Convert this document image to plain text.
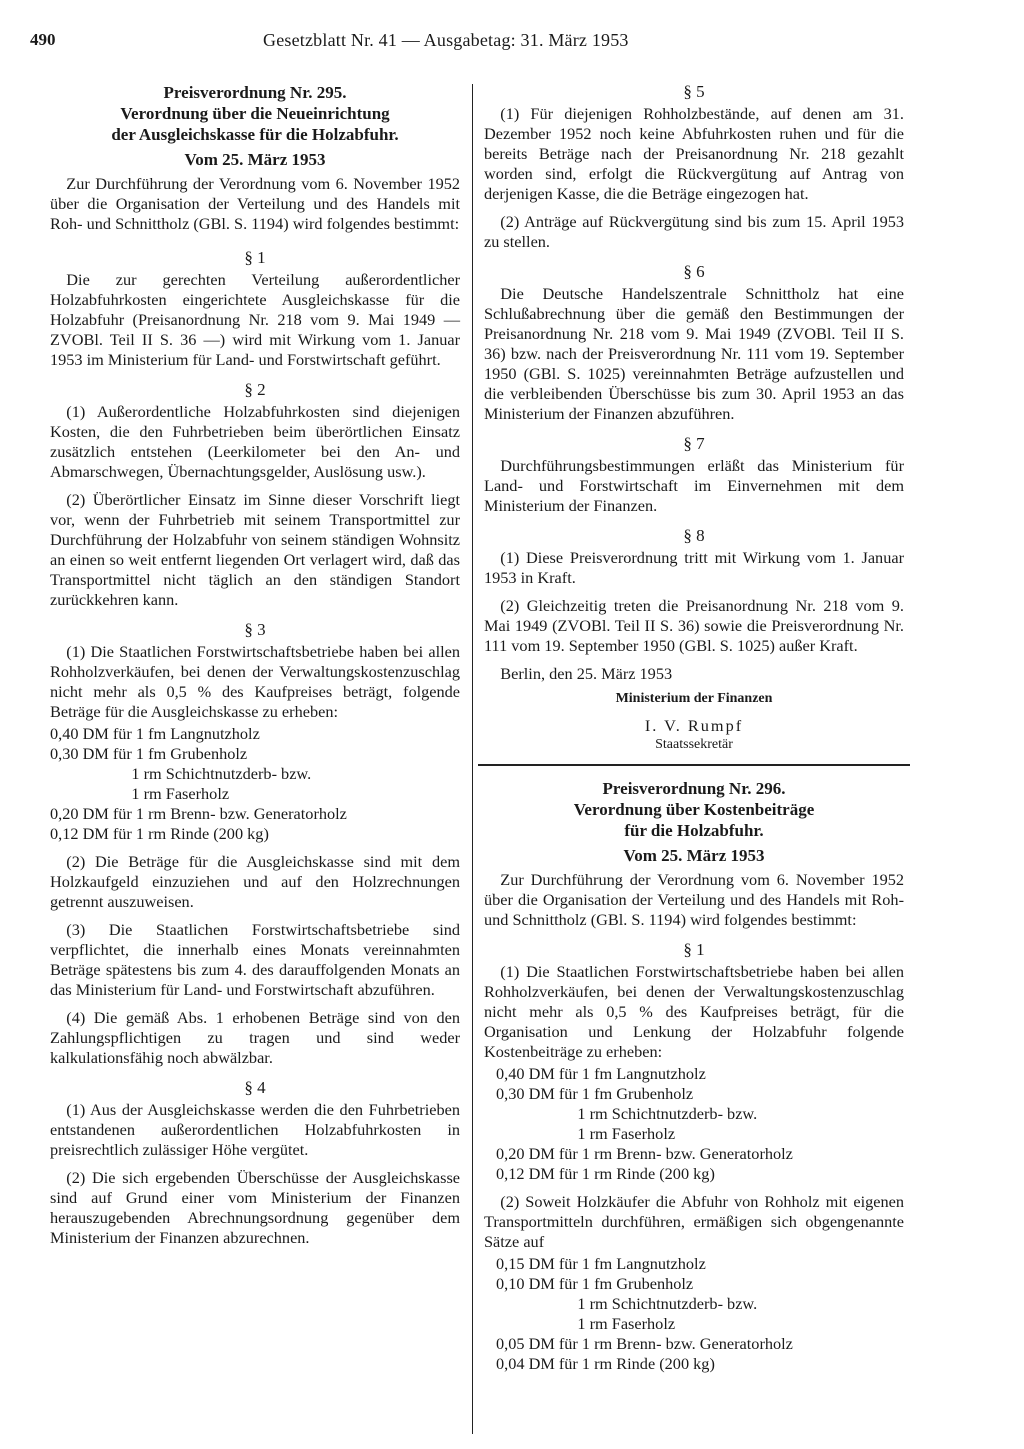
490	Gesetzblatt Nr. 41 — Ausgabetag: 31. März 1953

Preisverordnung Nr. 295.

Verordnung über die Neueinrichtung

der Ausgleichskasse für die Holzabfuhr.

Vom 25. März 1953

Zur Durchführung der Verordnung vom 6. November 1952 über die Organisation der Verteilung und des Handels mit Roh- und Schnittholz (GBl. S. 1194) wird folgendes bestimmt:

§ 1

Die zur gerechten Verteilung außerordentlicher Holzabfuhrkosten eingerichtete Ausgleichskasse für die Holzabfuhr (Preisanordnung Nr. 218 vom 9. Mai 1949 — ZVOBl. Teil II S. 36 —) wird mit Wirkung vom 1. Januar 1953 im Ministerium für Land- und Forstwirtschaft geführt.

§ 2

(1) Außerordentliche Holzabfuhrkosten sind diejenigen Kosten, die den Fuhrbetrieben beim überörtlichen Einsatz zusätzlich entstehen (Leerkilometer bei den An- und Abmarschwegen, Übernachtungsgelder, Auslösung usw.).

(2) Überörtlicher Einsatz im Sinne dieser Vorschrift liegt vor, wenn der Fuhrbetrieb mit seinem Transportmittel zur Durchführung der Holzabfuhr von seinem ständigen Wohnsitz an einen so weit entfernt liegenden Ort verlagert wird, daß das Transportmittel nicht täglich an den ständigen Standort zurückkehren kann.

§ 3

(1) Die Staatlichen Forstwirtschaftsbetriebe haben bei allen Rohholzverkäufen, bei denen der Verwaltungskostenzuschlag nicht mehr als 0,5 % des Kaufpreises beträgt, folgende Beträge für die Ausgleichskasse zu erheben:

0,40 DM für 1 fm Langnutzholz
0,30 DM für 1 fm Grubenholz
1 rm Schichtnutzderb- bzw.
1 rm Faserholz
0,20 DM für 1 rm Brenn- bzw. Generatorholz
0,12 DM für 1 rm Rinde (200 kg)

(2) Die Beträge für die Ausgleichskasse sind mit dem Holzkaufgeld einzuziehen und auf den Holzrechnungen getrennt auszuweisen.

(3) Die Staatlichen Forstwirtschaftsbetriebe sind verpflichtet, die innerhalb eines Monats vereinnahmten Beträge spätestens bis zum 4. des darauffolgenden Monats an das Ministerium für Land- und Forstwirtschaft abzuführen.

(4) Die gemäß Abs. 1 erhobenen Beträge sind von den Zahlungspflichtigen zu tragen und sind weder kalkulationsfähig noch abwälzbar.

§ 4

(1) Aus der Ausgleichskasse werden die den Fuhrbetrieben entstandenen außerordentlichen Holzabfuhrkosten in preisrechtlich zulässiger Höhe vergütet.

(2) Die sich ergebenden Überschüsse der Ausgleichskasse sind auf Grund einer vom Ministerium der Finanzen herauszugebenden Abrechnungsordnung gegenüber dem Ministerium der Finanzen abzurechnen.

§ 5

(1) Für diejenigen Rohholzbestände, auf denen am 31. Dezember 1952 noch keine Abfuhrkosten ruhen und für die bereits Beträge nach der Preisanordnung Nr. 218 gezahlt worden sind, erfolgt die Rückvergütung auf Antrag von derjenigen Kasse, die die Beträge eingezogen hat.

(2) Anträge auf Rückvergütung sind bis zum 15. April 1953 zu stellen.

§ 6

Die Deutsche Handelszentrale Schnittholz hat eine Schlußabrechnung über die gemäß den Bestimmungen der Preisanordnung Nr. 218 vom 9. Mai 1949 (ZVOBl. Teil II S. 36) bzw. nach der Preisverordnung Nr. 111 vom 19. September 1950 (GBl. S. 1025) vereinnahmten Beträge aufzustellen und die verbleibenden Überschüsse bis zum 30. April 1953 an das Ministerium der Finanzen abzuführen.

§ 7

Durchführungsbestimmungen erläßt das Ministerium für Land- und Forstwirtschaft im Einvernehmen mit dem Ministerium der Finanzen.

§ 8

(1) Diese Preisverordnung tritt mit Wirkung vom 1. Januar 1953 in Kraft.

(2) Gleichzeitig treten die Preisanordnung Nr. 218 vom 9. Mai 1949 (ZVOBl. Teil II S. 36) sowie die Preisverordnung Nr. 111 vom 19. September 1950 (GBl. S. 1025) außer Kraft.

Berlin, den 25. März 1953

Ministerium der Finanzen

I. V. Rumpf

Staatssekretär

Preisverordnung Nr. 296.

Verordnung über Kostenbeiträge

für die Holzabfuhr.

Vom 25. März 1953

Zur Durchführung der Verordnung vom 6. November 1952 über die Organisation der Verteilung und des Handels mit Roh- und Schnittholz (GBl. S. 1194) wird folgendes bestimmt:

§ 1

(1) Die Staatlichen Forstwirtschaftsbetriebe haben bei allen Rohholzverkäufen, bei denen der Verwaltungskostenzuschlag nicht mehr als 0,5 % des Kaufpreises beträgt, für die Organisation und Lenkung der Holzabfuhr folgende Kostenbeiträge zu erheben:

0,40 DM für 1 fm Langnutzholz
0,30 DM für 1 fm Grubenholz
1 rm Schichtnutzderb- bzw.
1 rm Faserholz
0,20 DM für 1 rm Brenn- bzw. Generatorholz
0,12 DM für 1 rm Rinde (200 kg)

(2) Soweit Holzkäufer die Abfuhr von Rohholz mit eigenen Transportmitteln durchführen, ermäßigen sich obgengenannte Sätze auf

0,15 DM für 1 fm Langnutzholz
0,10 DM für 1 fm Grubenholz
1 rm Schichtnutzderb- bzw.
1 rm Faserholz
0,05 DM für 1 rm Brenn- bzw. Generatorholz
0,04 DM für 1 rm Rinde (200 kg)
